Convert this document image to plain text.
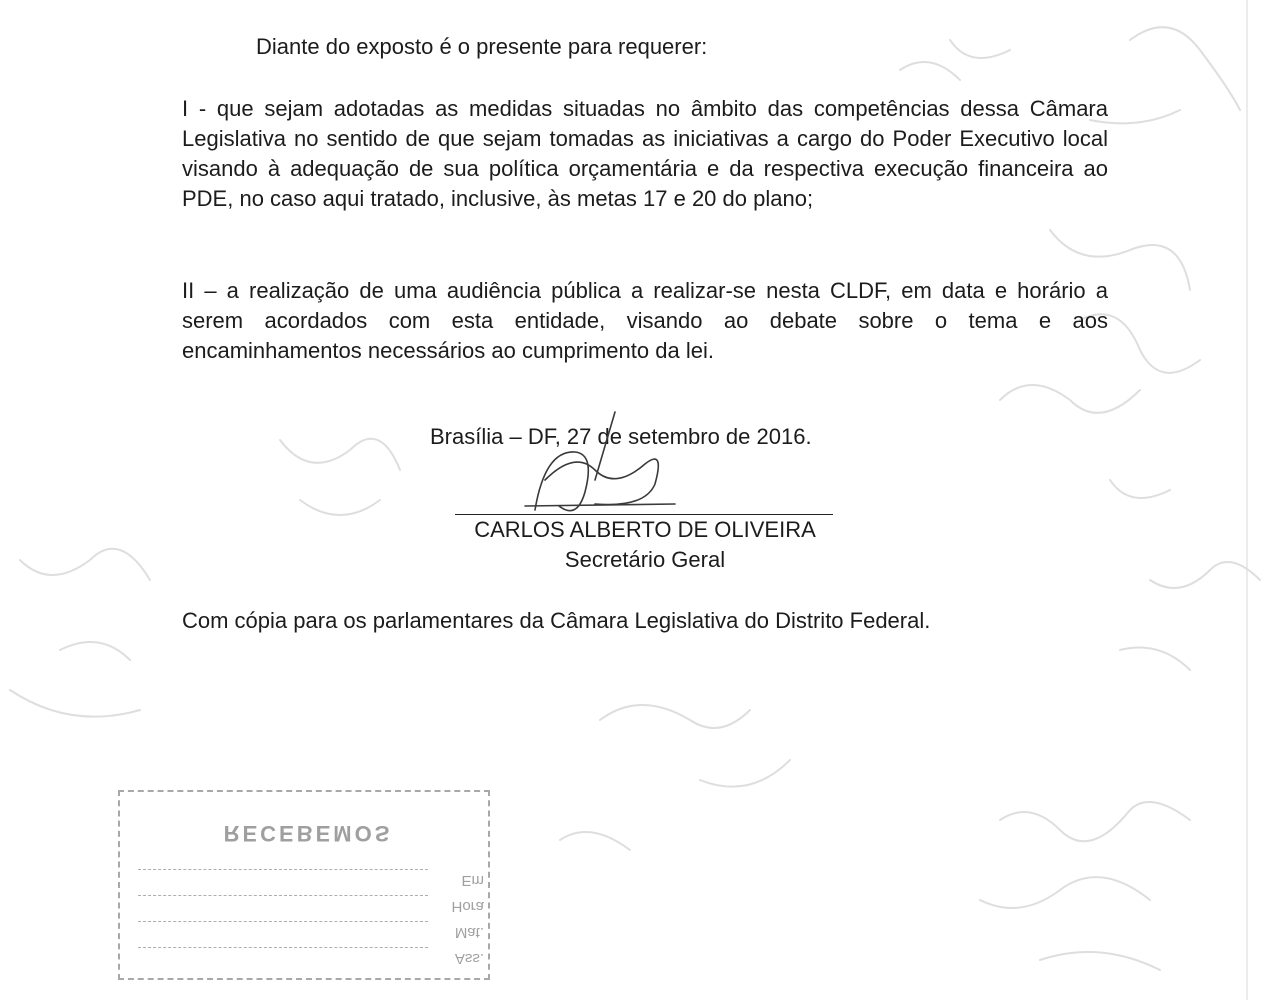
Diante do exposto é o presente para requerer:

I - que sejam adotadas as medidas situadas no âmbito das competências dessa Câmara Legislativa no sentido de que sejam tomadas as iniciativas a cargo do Poder Executivo local visando à adequação de sua política orçamentária e da respectiva execução financeira ao PDE, no caso aqui tratado, inclusive, às metas 17 e 20 do plano;

II – a realização de uma audiência pública a realizar-se nesta CLDF, em data e horário a serem acordados com esta entidade, visando ao debate sobre o tema e aos encaminhamentos necessários ao cumprimento da lei.

Brasília – DF, 27 de setembro de 2016.
CARLOS ALBERTO DE OLIVEIRA
Secretário Geral
Com cópia para os parlamentares da Câmara Legislativa do Distrito Federal.
RECEBEMOS
Em
Hora
Mat.
Ass.
